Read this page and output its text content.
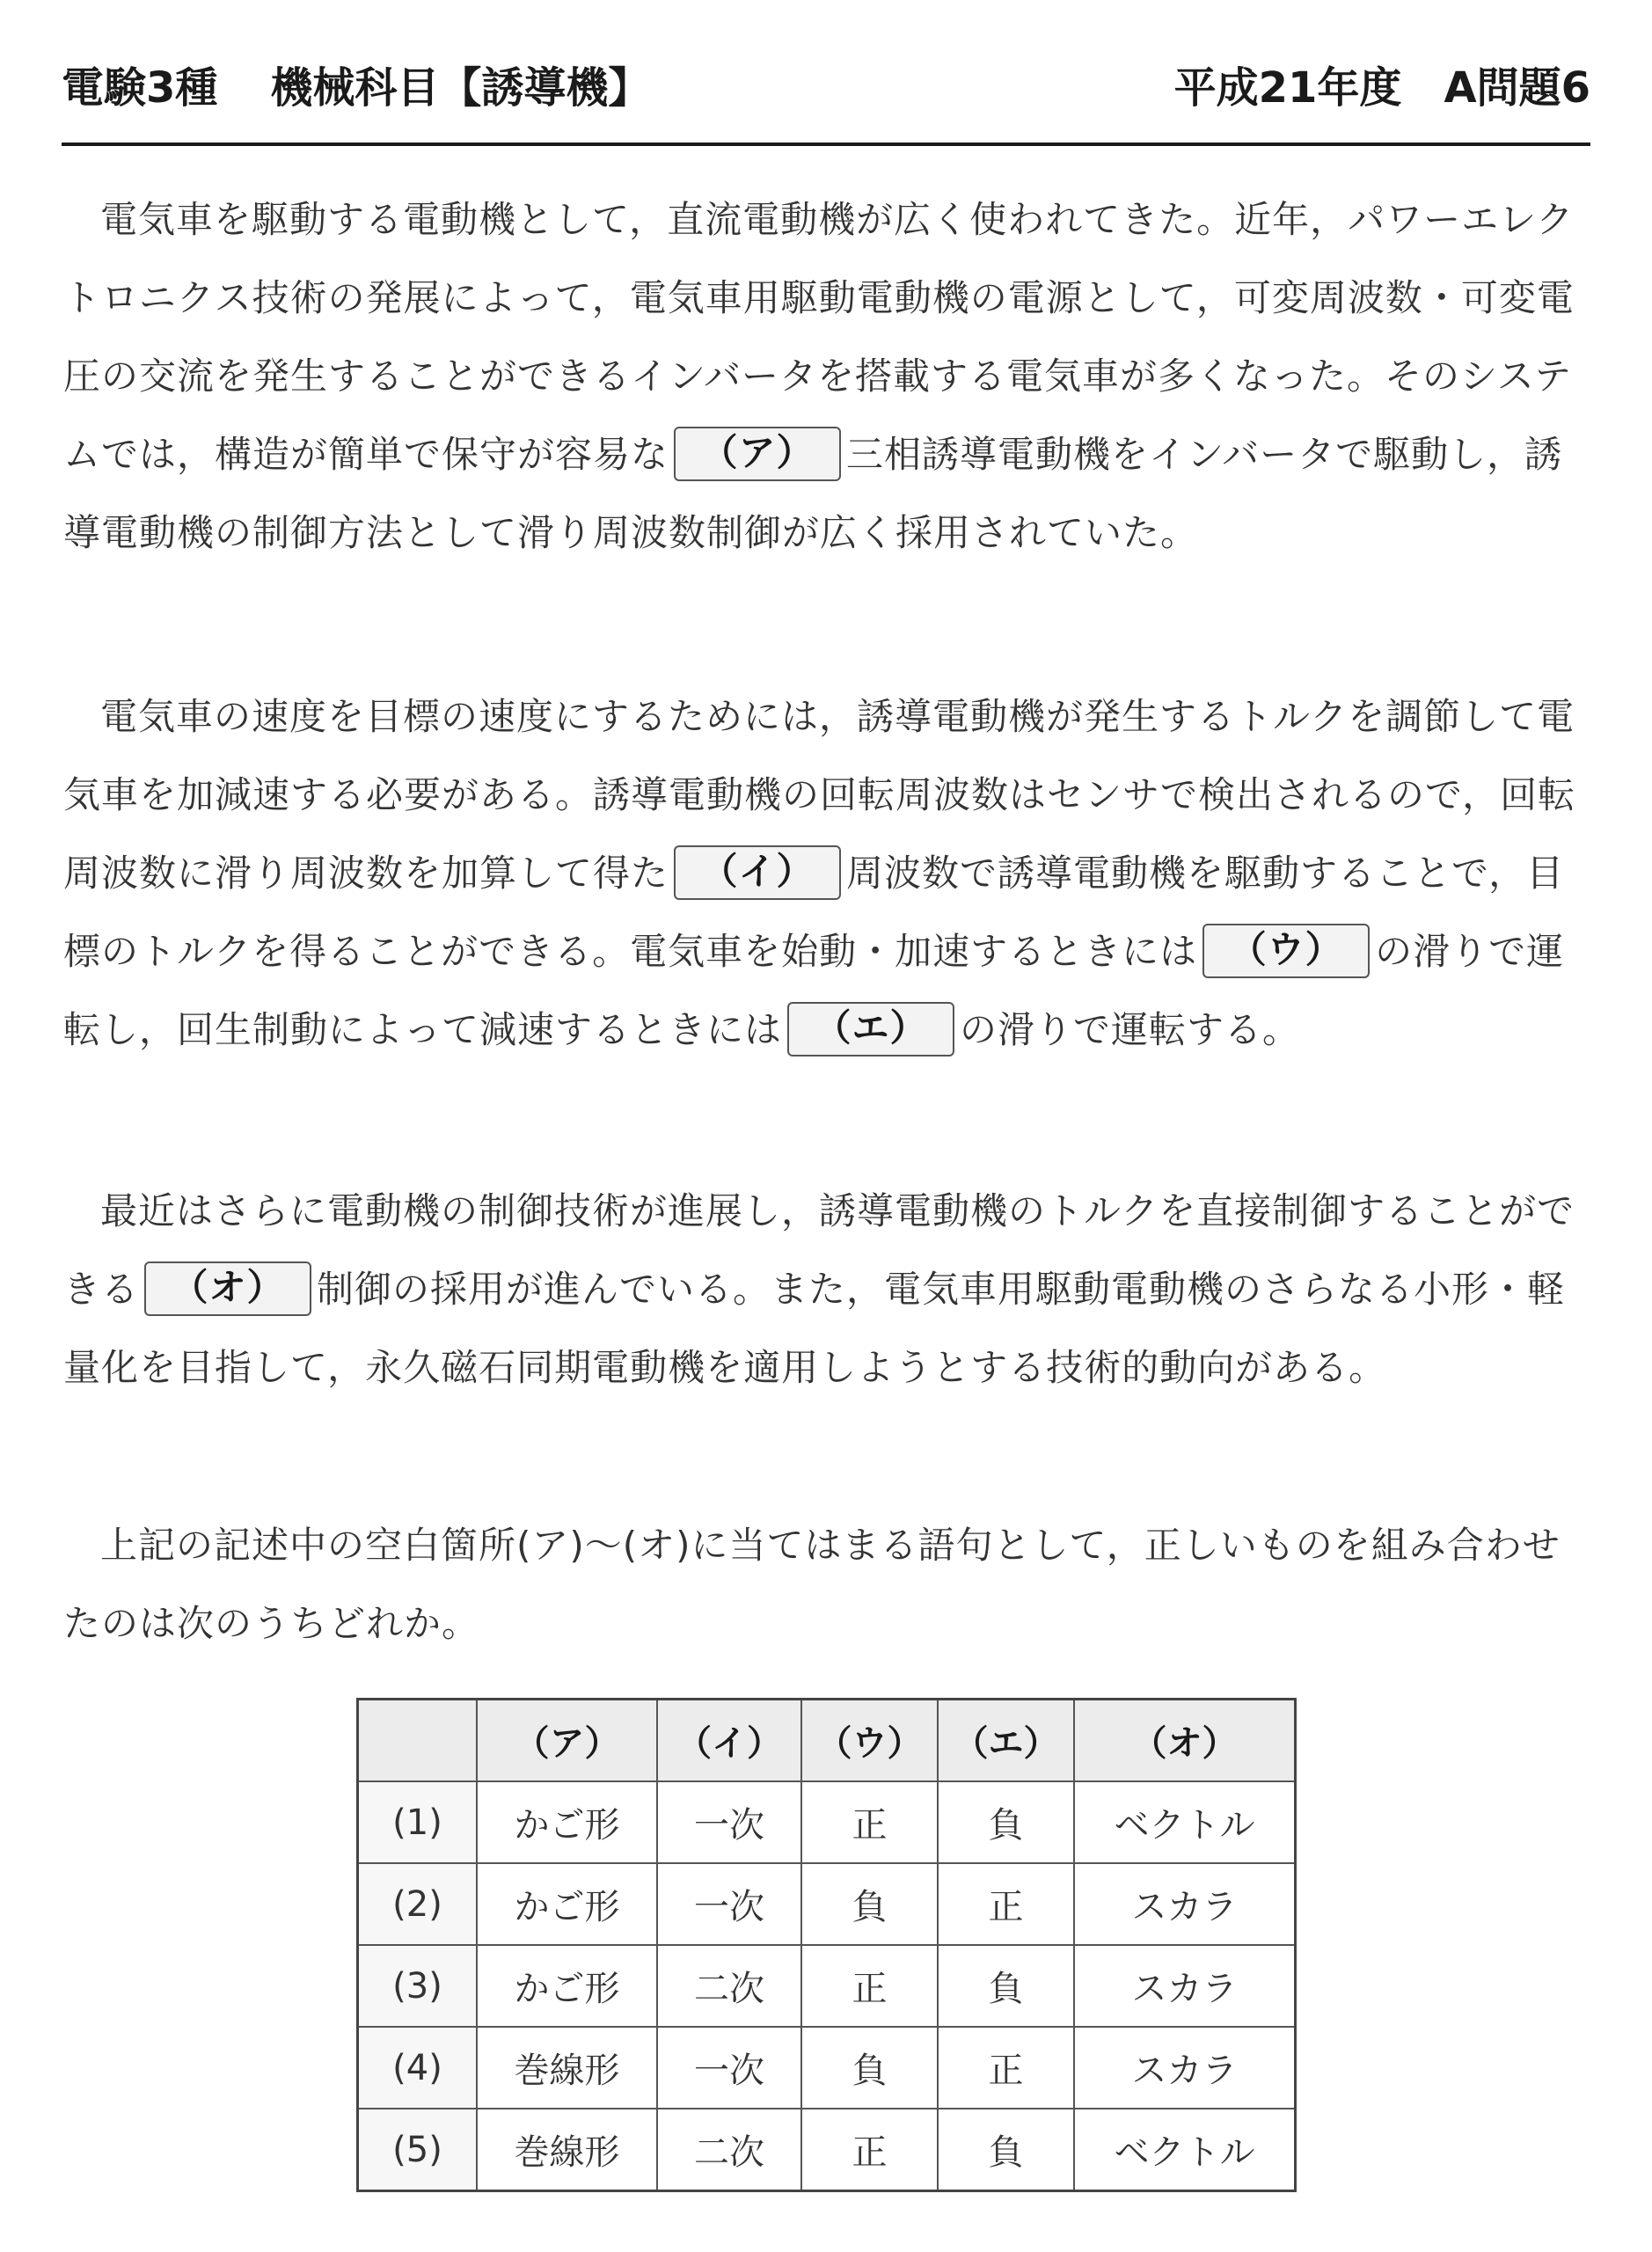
電験3種 機械科目【誘導機】	平成21年度 A問題6

電気車を駆動する電動機として，直流電動機が広く使われてきた。近年，パワーエレクトロニクス技術の発展によって，電気車用駆動電動機の電源として，可変周波数・可変電圧の交流を発生することができるインバータを搭載する電気車が多くなった。そのシステムでは，構造が簡単で保守が容易な （ア） 三相誘導電動機をインバータで駆動し，誘導電動機の制御方法として滑り周波数制御が広く採用されていた。

電気車の速度を目標の速度にするためには，誘導電動機が発生するトルクを調節して電気車を加減速する必要がある。誘導電動機の回転周波数はセンサで検出されるので，回転周波数に滑り周波数を加算して得た （イ） 周波数で誘導電動機を駆動することで，目標のトルクを得ることができる。電気車を始動・加速するときには （ウ） の滑りで運転し，回生制動によって減速するときには （エ） の滑りで運転する。

最近はさらに電動機の制御技術が進展し，誘導電動機のトルクを直接制御することができる （オ） 制御の採用が進んでいる。また，電気車用駆動電動機のさらなる小形・軽量化を目指して，永久磁石同期電動機を適用しようとする技術的動向がある。

上記の記述中の空白箇所(ア)〜(オ)に当てはまる語句として，正しいものを組み合わせたのは次のうちどれか。

	（ア）	（イ）	（ウ）	（エ）	（オ）
(1)	かご形	一次	正	負	ベクトル
(2)	かご形	一次	負	正	スカラ
(3)	かご形	二次	正	負	スカラ
(4)	巻線形	一次	負	正	スカラ
(5)	巻線形	二次	正	負	ベクトル
